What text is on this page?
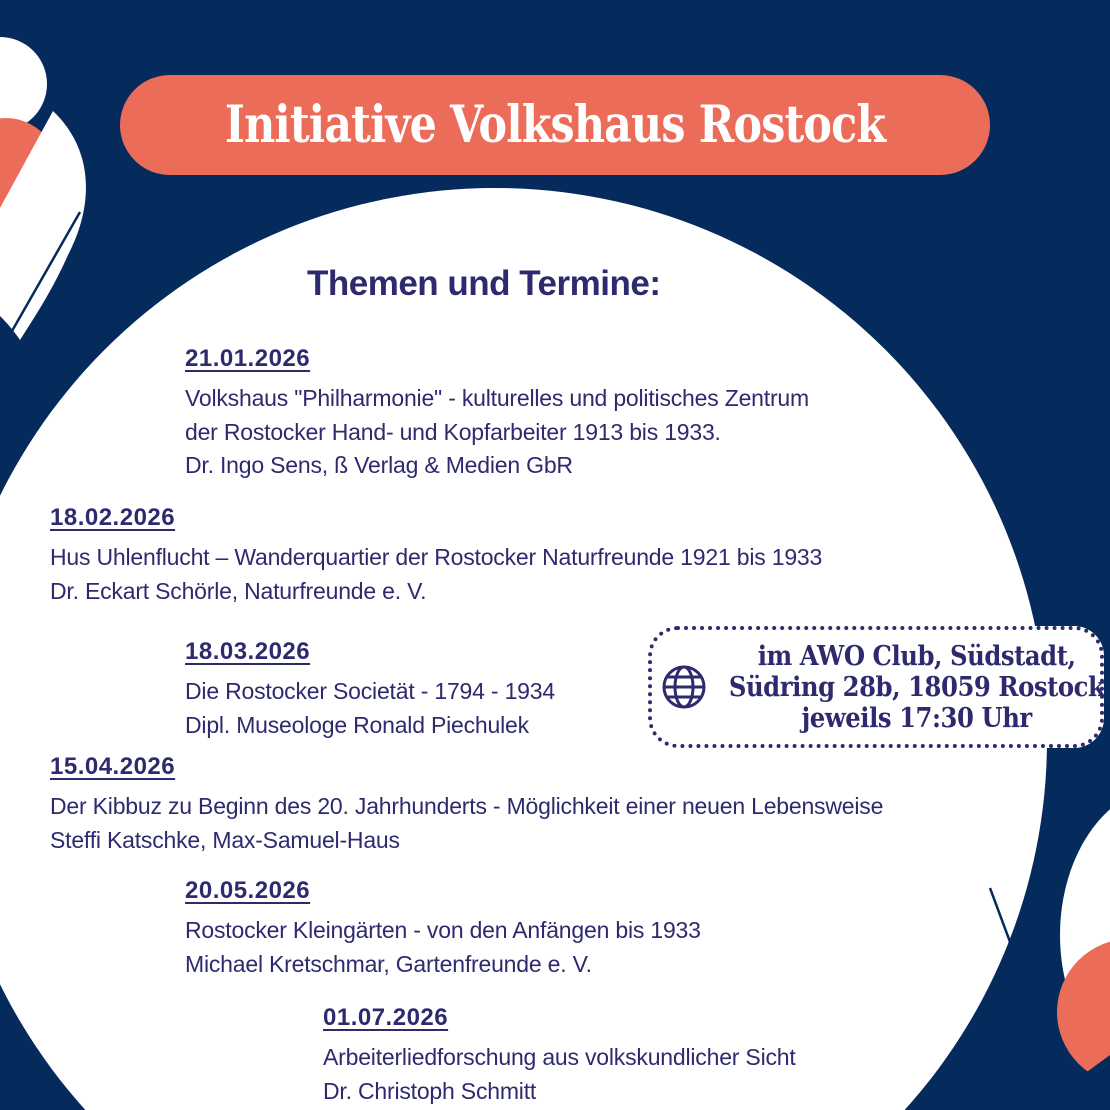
Initiative Volkshaus Rostock
Themen und Termine:
21.01.2026
Volkshaus "Philharmonie" - kulturelles und politisches Zentrum
der Rostocker Hand- und Kopfarbeiter 1913 bis 1933.
Dr. Ingo Sens, ß Verlag & Medien GbR
18.02.2026
Hus Uhlenflucht – Wanderquartier der Rostocker Naturfreunde 1921 bis 1933
Dr. Eckart Schörle, Naturfreunde e. V.
18.03.2026
Die Rostocker Societät - 1794 - 1934
Dipl. Museologe Ronald Piechulek
15.04.2026
Der Kibbuz zu Beginn des 20. Jahrhunderts - Möglichkeit einer neuen Lebensweise
Steffi Katschke, Max-Samuel-Haus
20.05.2026
Rostocker Kleingärten - von den Anfängen bis 1933
Michael Kretschmar, Gartenfreunde e. V.
01.07.2026
Arbeiterliedforschung aus volkskundlicher Sicht
Dr. Christoph Schmitt
im AWO Club, Südstadt,
Südring 28b, 18059 Rostock
jeweils 17:30 Uhr
